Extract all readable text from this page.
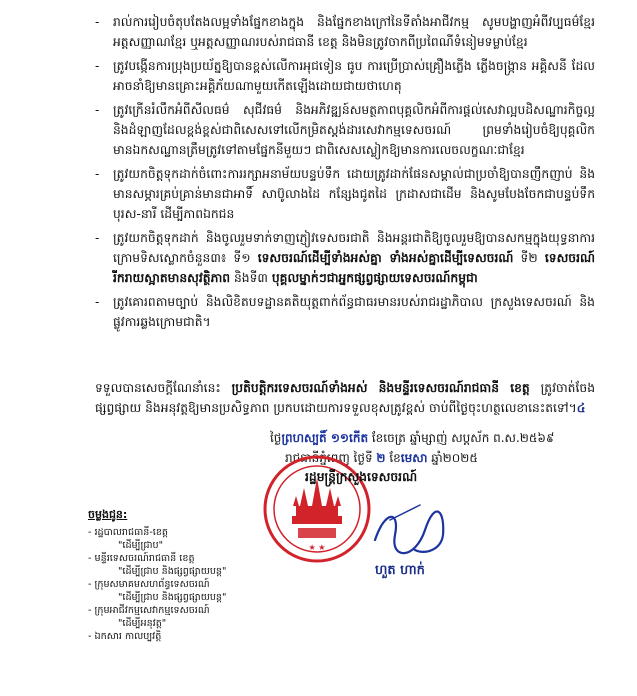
-	រាល់ការរៀបចំតុបតែងលម្អទាំងផ្នែកខាងក្នុង និងផ្នែកខាងក្រៅនៃទីតាំងអាជីវកម្ម សូមបង្ហាញអំពីវប្បធម៌ខ្មែរ អត្តសញ្ញាណខ្មែរ ឬអត្តសញ្ញាណរបស់រាជធានី ខេត្ត និងមិនត្រូវចាកពីប្រពៃណីទំនៀមទម្លាប់ខ្មែរ
-	ត្រូវបង្កើនការប្រុងប្រយ័ត្នឱ្យបានខ្ពស់លើការអុជទៀន ធូប ការប្រើប្រាស់គ្រឿងភ្លើង ភ្លើងចង្ក្រាន អគ្គិសនី ដែលអាចនាំឱ្យមានគ្រោះអគ្គិភ័យណាមួយកើតឡើងដោយជាយថាហេតុ
-	ត្រូវក្រើនរំលឹកអំពីសីលធម៌ សុជីវធម៌ និងអភិវឌ្ឍន៍សមត្ថភាពបុគ្គលិកអំពីការផ្ដល់សេវាល្អបដិសណ្ឋារកិច្ចល្អ និងដំឡាញដែលខ្ពង់ខ្ពស់ជាពិសេសទៅលើកម្រិតស្ដង់ដារសេវាកម្មទេសចរណ៍ ព្រមទាំងរៀបចំឱ្យបុគ្គលិកមានឯកសណ្ឋានត្រឹមត្រូវទៅតាមផ្នែកនីមួយៗ ជាពិសេសស្លៀកឱ្យមានការលេចលក្ខណៈជាខ្មែរ
-	ត្រូវយកចិត្តទុកដាក់ចំពោះការរក្សាអនាម័យបន្ទប់ទឹក ដោយត្រូវដាក់ផែនសម្គាល់ជាប្រចាំឱ្យបានញឹកញាប់ និងមានសម្ភារគ្រប់គ្រាន់មានជាអាទិ៍ សាប៊ូលាងដៃ កន្សែងជូតដៃ ក្រដាសជាដើម និងសូមបែងចែកជាបន្ទប់ទឹកបុរស-នារី ដើម្បីភាពឯកជន
-	ត្រូវយកចិត្តទុកដាក់ និងចូលរួមទាក់ទាញភ្ញៀវទេសចរជាតិ និងអន្តរជាតិឱ្យចូលរួមឱ្យបានសកម្មក្នុងយុទ្ធនាការក្រោមទិសស្លោកចំនួន៣៖ ទី១ ទេសចរណ៍ដើម្បីទាំងអស់គ្នា ទាំងអស់គ្នាដើម្បីទេសចរណ៍ ទី២ ទេសចរណ៍រីករាយស្អាតមានសុវត្ថិភាព និងទី៣ បុគ្គលម្នាក់ៗជាអ្នកផ្សព្វផ្សាយទេសចរណ៍កម្ពុជា
-	ត្រូវគោរពតាមច្បាប់ និងលិខិតបទដ្ឋានគតិយុត្តពាក់ព័ន្ធជាធរមានរបស់រាជរដ្ឋាភិបាល ក្រសួងទេសចរណ៍ និងផ្លូវការឆ្លងក្រោមជាតិ។
ទទួលបានសេចក្ដីណែនាំនេះ ប្រតិបត្តិករទេសចរណ៍ទាំងអស់ និងមន្ទីរទេសចរណ៍រាជធានី ខេត្ត ត្រូវចាត់ចែងផ្សព្វផ្សាយ និងអនុវត្តឱ្យមានប្រសិទ្ធភាព ប្រកបដោយការទទួលខុសត្រូវខ្ពស់ ចាប់ពីថ្ងៃចុះហត្ថលេខានេះតទៅ។៤
ថ្ងៃព្រហស្បតិ៍ ១១កើត ខែចេត្រ ឆ្នាំម្សាញ់ សប្តស័ក ព.ស.២៥៦៩
រាជធានីភ្នំពេញ ថ្ងៃទី ២ ខែមេសា ឆ្នាំ២០២៥
★ ★
រដ្ឋមន្ត្រីក្រសួងទេសចរណ៍
ហួត ហាក់
ចម្លងជូន:
- រដ្ឋបាលរាជធានី-ខេត្ត
"ដើម្បីជ្រាប"
- មន្ទីរទេសចរណ៍រាជធានី ខេត្ត
"ដើម្បីជ្រាប និងផ្សព្វផ្សាយបន្ត"
- ក្រុមសមាគមសហព័ន្ធទេសចរណ៍
"ដើម្បីជ្រាប និងផ្សព្វផ្សាយបន្ត"
- ក្រុមអាជីវកម្មសេវាកម្មទេសចរណ៍
"ដើម្បីអនុវត្ត"
- ឯកសារ កាលប្បវត្តិ
